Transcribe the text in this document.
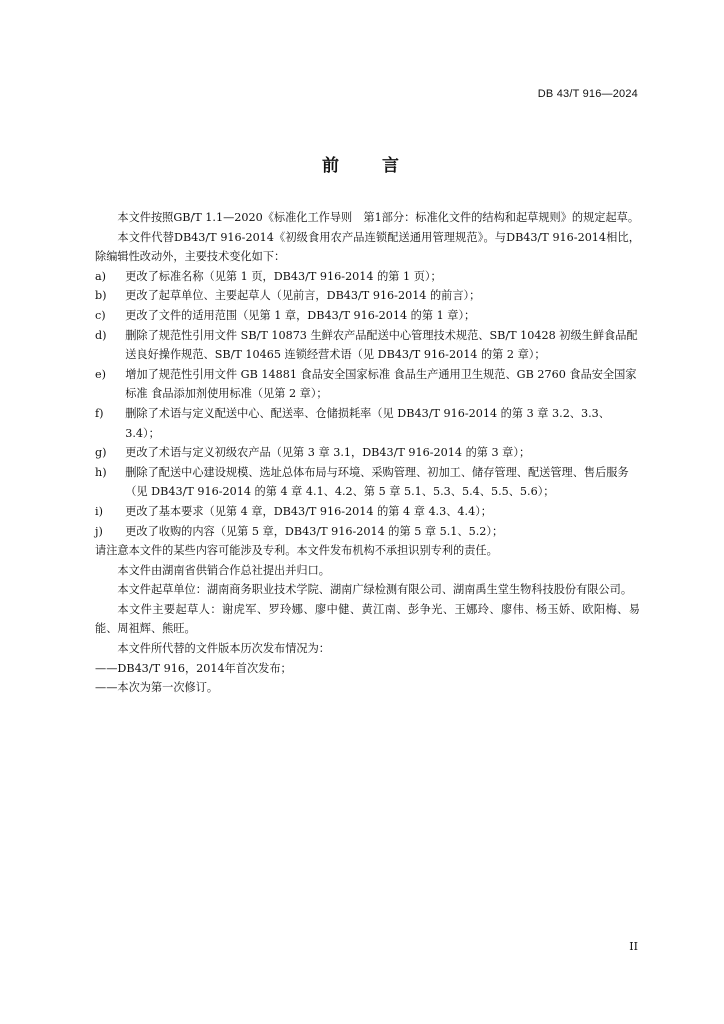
DB 43/T 916—2024
前 言

本文件按照GB/T 1.1—2020《标准化工作导则　第1部分：标准化文件的结构和起草规则》的规定起草。

本文件代替DB43/T 916-2014《初级食用农产品连锁配送通用管理规范》。与DB43/T 916-2014相比，除编辑性改动外，主要技术变化如下：

a)	更改了标准名称（见第 1 页，DB43/T 916-2014 的第 1 页）；
b)	更改了起草单位、主要起草人（见前言，DB43/T 916-2014 的前言）；
c)	更改了文件的适用范围（见第 1 章，DB43/T 916-2014 的第 1 章）；
d)	删除了规范性引用文件 SB/T 10873 生鲜农产品配送中心管理技术规范、SB/T 10428 初级生鲜食品配送良好操作规范、SB/T 10465 连锁经营术语（见 DB43/T 916-2014 的第 2 章）；
e)	增加了规范性引用文件 GB 14881 食品安全国家标准 食品生产通用卫生规范、GB 2760 食品安全国家标准 食品添加剂使用标准（见第 2 章）；
f)	删除了术语与定义配送中心、配送率、仓储损耗率（见 DB43/T 916-2014 的第 3 章 3.2、3.3、3.4）；
g)	更改了术语与定义初级农产品（见第 3 章 3.1，DB43/T 916-2014 的第 3 章）；
h)	删除了配送中心建设规模、选址总体布局与环境、采购管理、初加工、储存管理、配送管理、售后服务（见 DB43/T 916-2014 的第 4 章 4.1、4.2、第 5 章 5.1、5.3、5.4、5.5、5.6）；
i)	更改了基本要求（见第 4 章，DB43/T 916-2014 的第 4 章 4.3、4.4）；
j)	更改了收购的内容（见第 5 章，DB43/T 916-2014 的第 5 章 5.1、5.2）；

请注意本文件的某些内容可能涉及专利。本文件发布机构不承担识别专利的责任。

本文件由湖南省供销合作总社提出并归口。

本文件起草单位：湖南商务职业技术学院、湖南广绿检测有限公司、湖南禹生堂生物科技股份有限公司。

本文件主要起草人：谢虎军、罗玲娜、廖中健、黄江南、彭争光、王娜玲、廖伟、杨玉娇、欧阳梅、易能、周祖辉、熊旺。

本文件所代替的文件版本历次发布情况为：

——DB43/T 916，2014年首次发布；

——本次为第一次修订。

II
